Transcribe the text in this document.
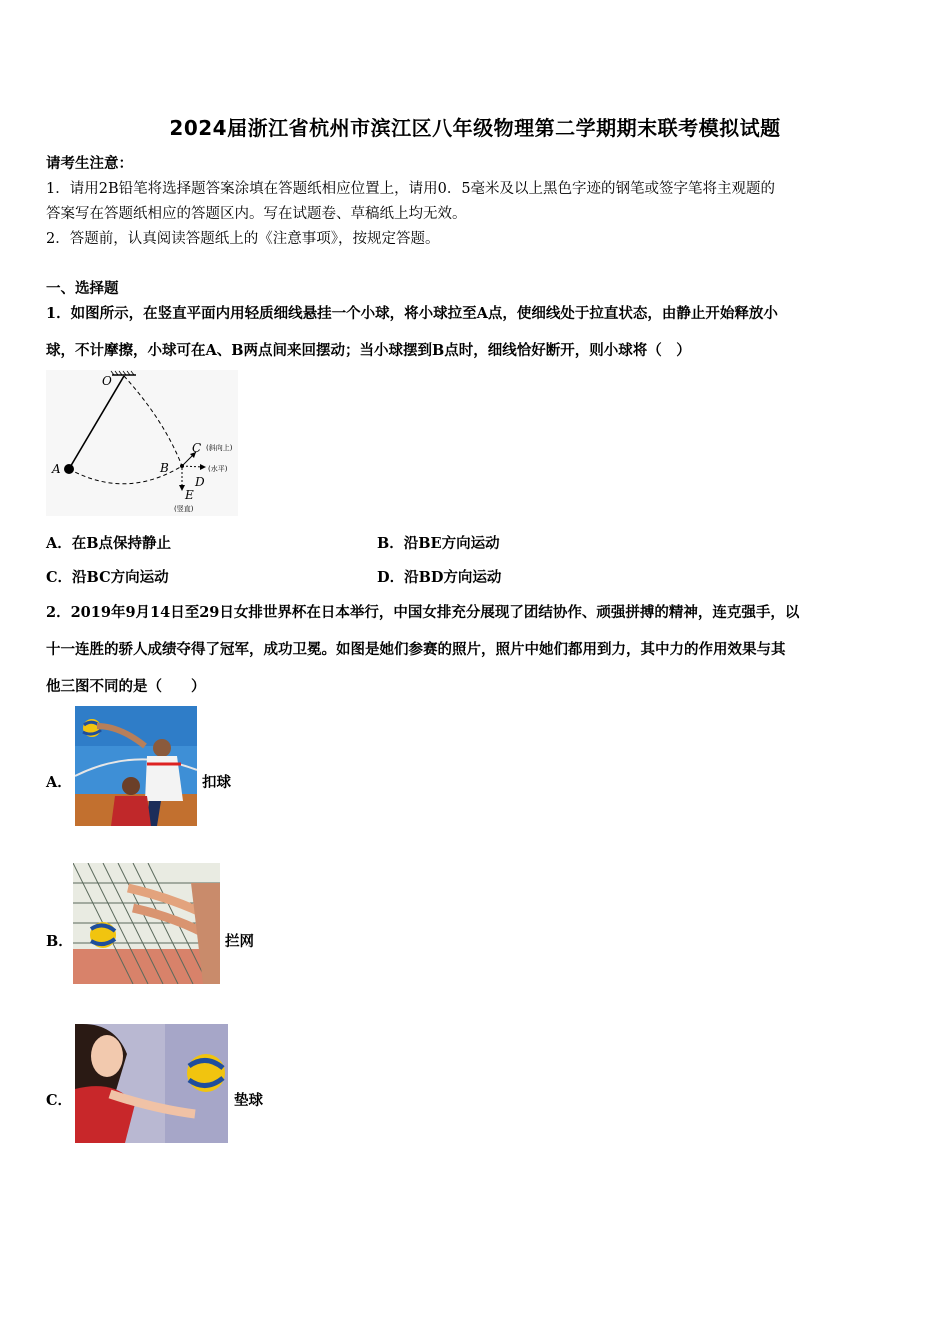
2024届浙江省杭州市滨江区八年级物理第二学期期末联考模拟试题
请考生注意：
1．请用2B铅笔将选择题答案涂填在答题纸相应位置上，请用0．5毫米及以上黑色字迹的钢笔或签字笔将主观题的
答案写在答题纸相应的答题区内。写在试题卷、草稿纸上均无效。
2．答题前，认真阅读答题纸上的《注意事项》，按规定答题。
一、选择题
1．如图所示，在竖直平面内用轻质细线悬挂一个小球，将小球拉至A点，使细线处于拉直状态，由静止开始释放小
球，不计摩擦，小球可在A、B两点间来回摆动；当小球摆到B点时，细线恰好断开，则小球将（　）
O
A	B
C (斜向上)
D
(水平)
E
(竖直)
A．在B点保持静止	B．沿BE方向运动
C．沿BC方向运动	D．沿BD方向运动
2．2019年9月14日至29日女排世界杯在日本举行，中国女排充分展现了团结协作、顽强拼搏的精神，连克强手，以
十一连胜的骄人成绩夺得了冠军，成功卫冕。如图是她们参赛的照片，照片中她们都用到力，其中力的作用效果与其
他三图不同的是（　　）
A．	扣球
B．	拦网
C．	垫球
